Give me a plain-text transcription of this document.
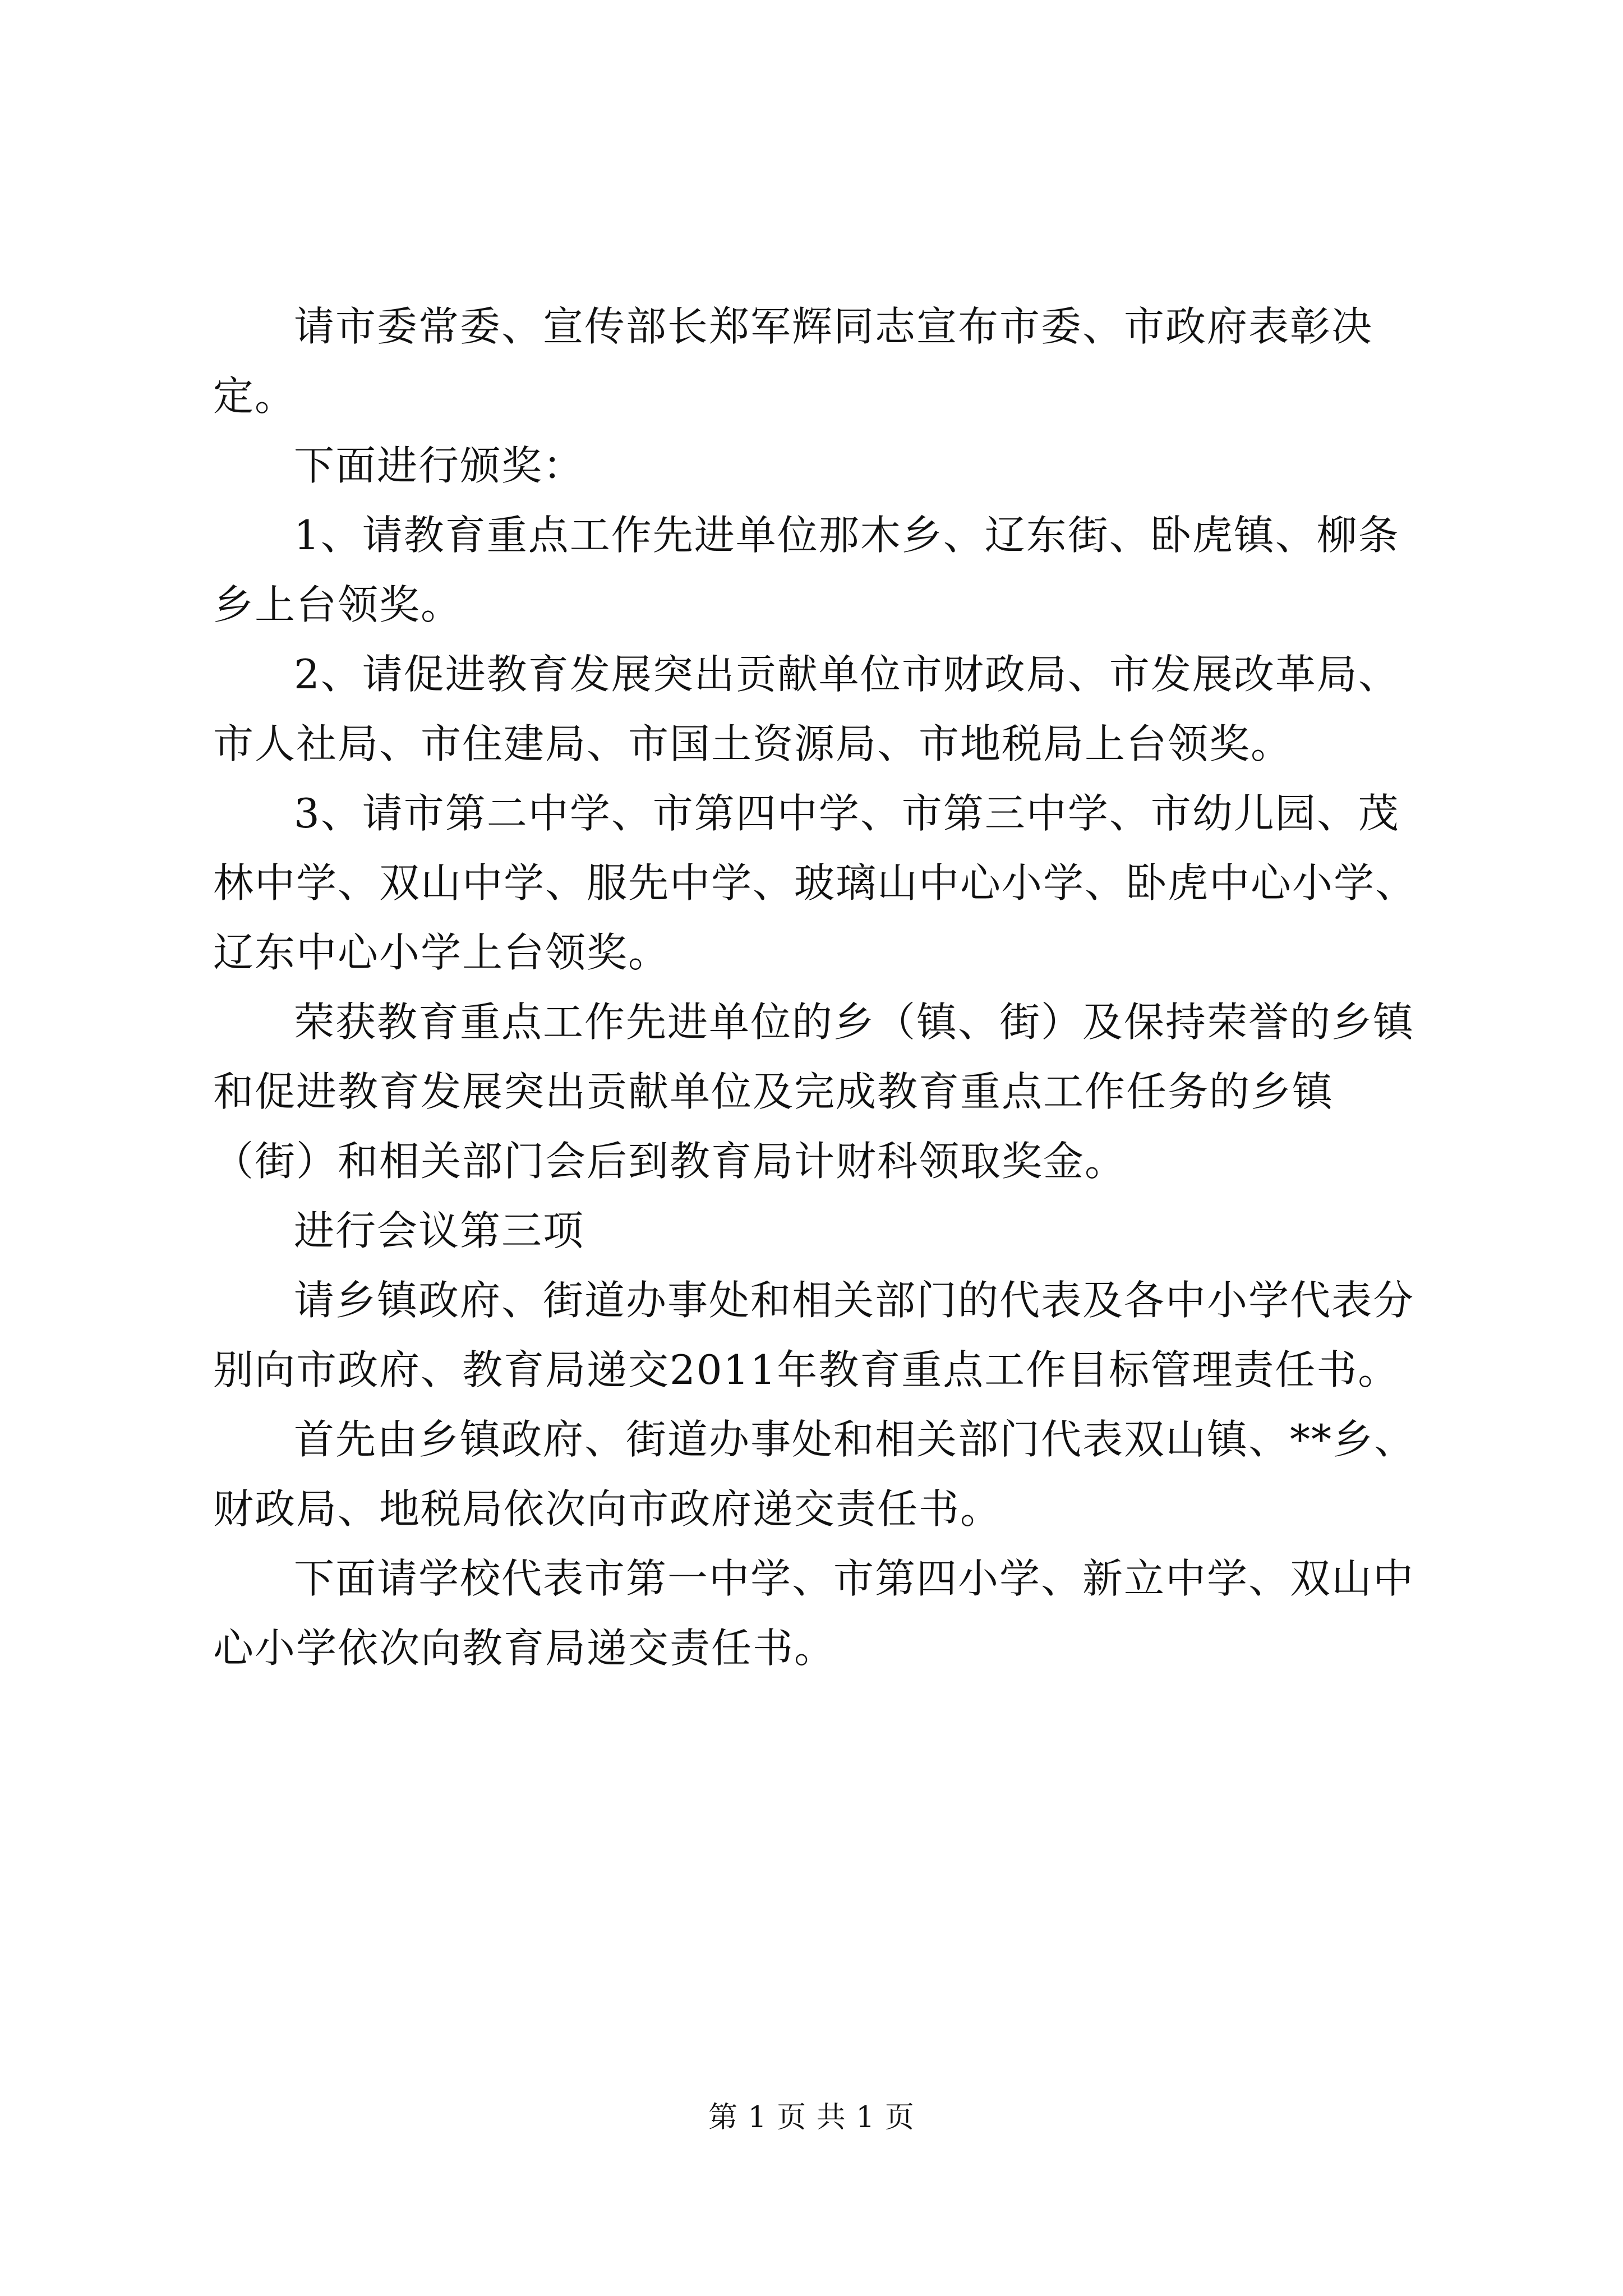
请市委常委、宣传部长郑军辉同志宣布市委、市政府表彰决定。

下面进行颁奖：

1、请教育重点工作先进单位那木乡、辽东街、卧虎镇、柳条乡上台领奖。

2、请促进教育发展突出贡献单位市财政局、市发展改革局、市人社局、市住建局、市国土资源局、市地税局上台领奖。

3、请市第二中学、市第四中学、市第三中学、市幼儿园、茂林中学、双山中学、服先中学、玻璃山中心小学、卧虎中心小学、辽东中心小学上台领奖。

荣获教育重点工作先进单位的乡（镇、街）及保持荣誉的乡镇和促进教育发展突出贡献单位及完成教育重点工作任务的乡镇（街）和相关部门会后到教育局计财科领取奖金。

进行会议第三项

请乡镇政府、街道办事处和相关部门的代表及各中小学代表分别向市政府、教育局递交2011年教育重点工作目标管理责任书。

首先由乡镇政府、街道办事处和相关部门代表双山镇、**乡、财政局、地税局依次向市政府递交责任书。

下面请学校代表市第一中学、市第四小学、新立中学、双山中心小学依次向教育局递交责任书。

第 1 页 共 1 页
